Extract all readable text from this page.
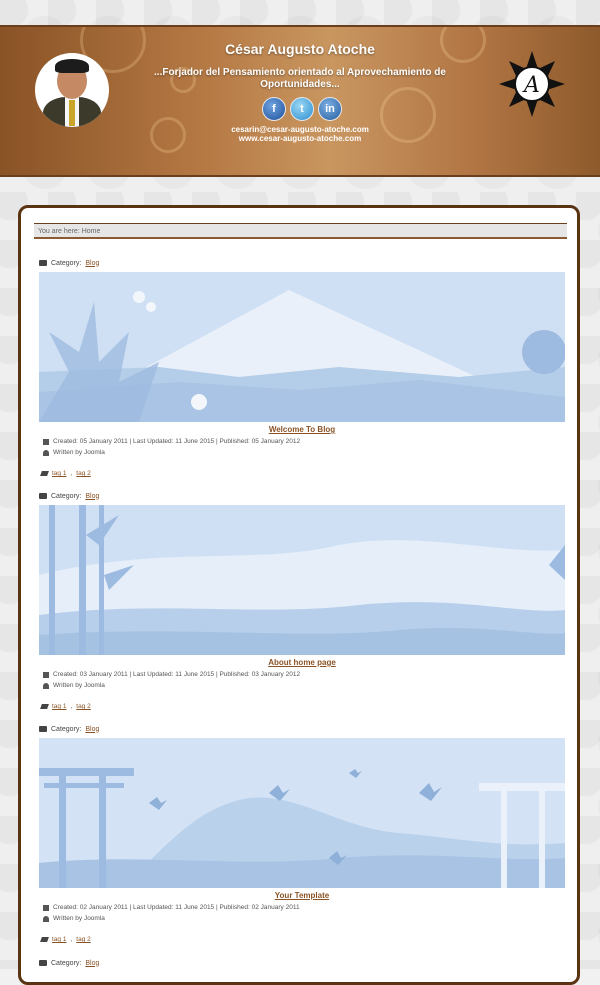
César Augusto Atoche
...Forjador del Pensamiento orientado al Aprovechamiento de Oportunidades...
f	t	in
cesarin@cesar-augusto-atoche.com
www.cesar-augusto-atoche.com
A
You are here: Home
Category: Blog
Welcome To Blog
Created: 05 January 2011 | Last Updated: 11 June 2015 | Published: 05 January 2012
Written by Joomla
tag 1 , tag 2
Category: Blog
About home page
Created: 03 January 2011 | Last Updated: 11 June 2015 | Published: 03 January 2012
Written by Joomla
tag 1 , tag 2
Category: Blog
Your Template
Created: 02 January 2011 | Last Updated: 11 June 2015 | Published: 02 January 2011
Written by Joomla
tag 1 , tag 2
Category: Blog
